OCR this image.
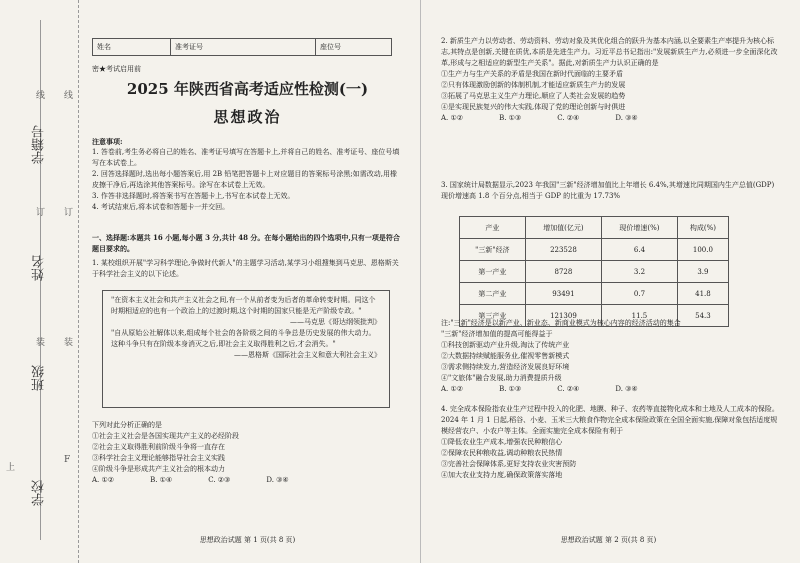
学籍号
姓名
班级
学校
线
订
装
线
订
装
上
F
姓名	准考证号	座位号
密★考试启用前
2025 年陕西省高考适应性检测(一)
思想政治
注意事项:
1. 答卷前,考生务必将自己的姓名、准考证号填写在答题卡上,并将自己的姓名、准考证号、座位号填写在本试卷上。
2. 回答选择题时,选出每小题答案后,用 2B 铅笔把答题卡上对应题目的答案标号涂黑;如需改动,用橡皮擦干净后,再选涂其他答案标号。涂写在本试卷上无效。
3. 作答非选择题时,将答案书写在答题卡上,书写在本试卷上无效。
4. 考试结束后,将本试卷和答题卡一并交回。
一、选择题:本题共 16 小题,每小题 3 分,共计 48 分。在每小题给出的四个选项中,只有一项是符合题目要求的。
1. 某校组织开展"学习科学理论,争做时代新人"的主题学习活动,某学习小组搜集到马克思、恩格斯关于科学社会主义的以下论述。
"在资本主义社会和共产主义社会之间,有一个从前者变为后者的革命转变时期。同这个时期相适应的也有一个政治上的过渡时期,这个时期的国家只能是无产阶级专政。"
——马克思《哥达纲领批判》
"自从原始公社解体以来,组成每个社会的各阶级之间的斗争总是历史发展的伟大动力。这种斗争只有在阶级本身消灭之后,即社会主义取得胜利之后,才会消失。"
——恩格斯《国际社会主义和意大利社会主义》
下列对此分析正确的是
①社会主义社会是各国实现共产主义的必经阶段
②社会主义取得胜利前阶级斗争将一直存在
③科学社会主义理论能够指导社会主义实践
④阶级斗争是形成共产主义社会的根本动力
A. ①②	B. ①④	C. ②③	D. ③④
思想政治试题 第 1 页(共 8 页)
2. 新质生产力以劳动者、劳动资料、劳动对象及其优化组合的跃升为基本内涵,以全要素生产率提升为核心标志,其特点是创新,关键在质优,本质是先进生产力。习近平总书记指出:"发展新质生产力,必须进一步全面深化改革,形成与之相适应的新型生产关系"。据此,对新质生产力认识正确的是
①生产力与生产关系的矛盾是我国在新时代面临的主要矛盾
②只有体现激励创新的体制机制,才能适应新质生产力的发展
③拓展了马克思主义生产力理论,顺应了人类社会发展的趋势
④是实现民族复兴的伟大实践,体现了党的理论创新与时俱进
A. ①②	B. ①③	C. ②④	D. ③④
3. 国家统计局数据显示,2023 年我国"三新"经济增加值比上年增长 6.4%,其增速比同期国内生产总值(GDP)现价增速高 1.8 个百分点,相当于 GDP 的比重为 17.73%
产业	增加值(亿元)	现价增速(%)	构成(%)
"三新"经济	223528	6.4	100.0
第一产业	8728	3.2	3.9
第二产业	93491	0.7	41.8
第三产业	121309	11.5	54.3
注:"三新"经济是以新产业、新业态、新商业模式为核心内容的经济活动的集合
"三新"经济增加值的提高可能得益于
①科技创新驱动产业升级,淘汰了传统产业
②大数据持续赋能服务业,催视零售新模式
③需求侧持续发力,营造经济发展良好环境
④"文旅体"融合发展,助力消费提质升级
A. ①②	B. ①③	C. ②④	D. ③④
4. 完全成本保险指农业生产过程中投入的化肥、地膜、种子、农药等直接物化成本和土地及人工成本的保险。2024 年 1 月 1 日起,稻谷、小麦、玉米三大粮食作物完全成本保险政策在全国全面实施,保障对象包括适度规模经营农户、小农户等主体。全面实施完全成本保险有利于
①降低农业生产成本,增强农民种粮信心
②保障农民种粮收益,调动种粮农民热情
③完善社会保障体系,更好支持农业灾害预防
④加大农业支持力度,确保政策落实落地
思想政治试题 第 2 页(共 8 页)
